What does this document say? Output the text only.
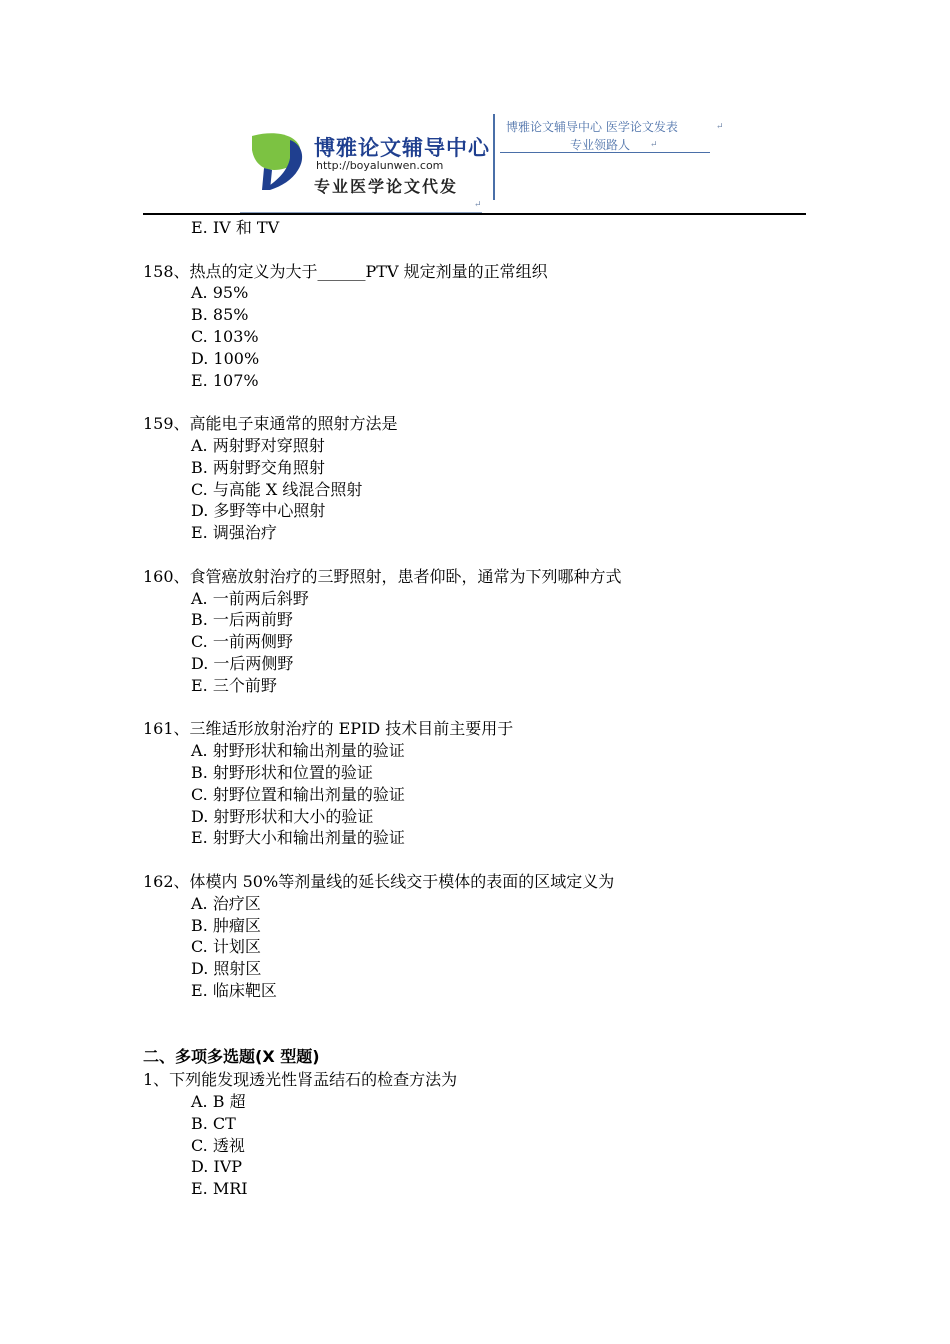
博雅论文辅导中心
http://boyalunwen.com
专业医学论文代发
博雅论文辅导中心 医学论文发表	↵
专业领路人 ↵
↵
E. IV 和 TV
158、热点的定义为大于______PTV 规定剂量的正常组织
A. 95%
B. 85%
C. 103%
D. 100%
E. 107%
159、高能电子束通常的照射方法是
A. 两射野对穿照射
B. 两射野交角照射
C. 与高能 X 线混合照射
D. 多野等中心照射
E. 调强治疗
160、食管癌放射治疗的三野照射，患者仰卧，通常为下列哪种方式
A. 一前两后斜野
B. 一后两前野
C. 一前两侧野
D. 一后两侧野
E. 三个前野
161、三维适形放射治疗的 EPID 技术目前主要用于
A. 射野形状和输出剂量的验证
B. 射野形状和位置的验证
C. 射野位置和输出剂量的验证
D. 射野形状和大小的验证
E. 射野大小和输出剂量的验证
162、体模内 50%等剂量线的延长线交于模体的表面的区域定义为
A. 治疗区
B. 肿瘤区
C. 计划区
D. 照射区
E. 临床靶区
二、多项多选题(X 型题)
1、下列能发现透光性肾盂结石的检查方法为
A. B 超
B. CT
C. 透视
D. IVP
E. MRI
